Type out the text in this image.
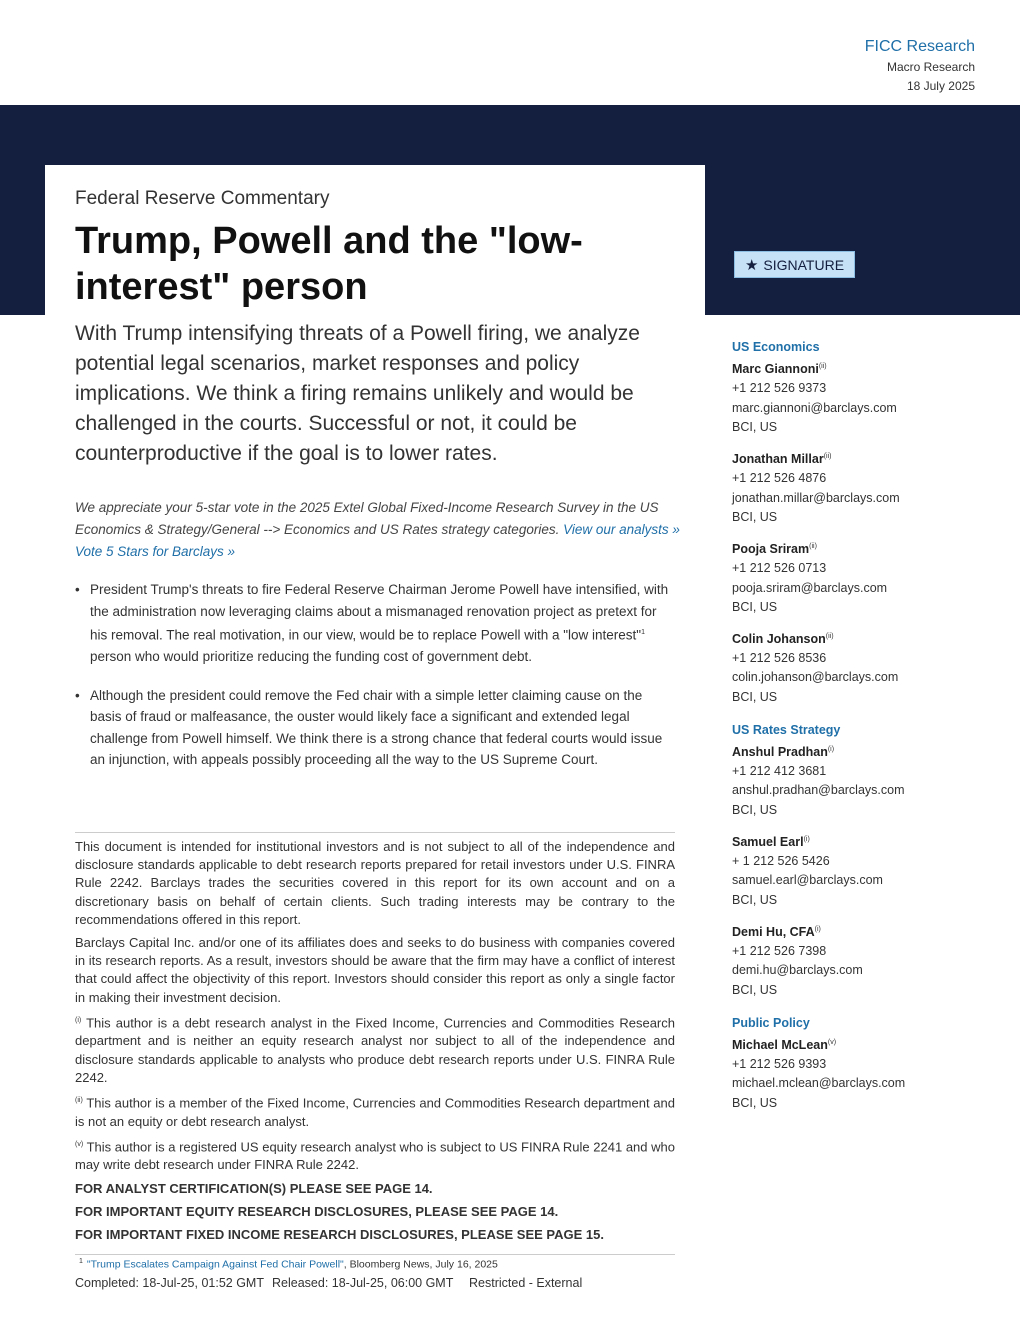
FICC Research
Macro Research
18 July 2025
Federal Reserve Commentary
Trump, Powell and the "low-interest" person
★ SIGNATURE

With Trump intensifying threats of a Powell firing, we analyze potential legal scenarios, market responses and policy implications. We think a firing remains unlikely and would be challenged in the courts. Successful or not, it could be counterproductive if the goal is to lower rates.

We appreciate your 5-star vote in the 2025 Extel Global Fixed-Income Research Survey in the US Economics & Strategy/General --> Economics and US Rates strategy categories. View our analysts » Vote 5 Stars for Barclays »

• President Trump's threats to fire Federal Reserve Chairman Jerome Powell have intensified, with the administration now leveraging claims about a mismanaged renovation project as pretext for his removal. The real motivation, in our view, would be to replace Powell with a "low interest"$^1$ person who would prioritize reducing the funding cost of government debt.
• Although the president could remove the Fed chair with a simple letter claiming cause on the basis of fraud or malfeasance, the ouster would likely face a significant and extended legal challenge from Powell himself. We think there is a strong chance that federal courts would issue an injunction, with appeals possibly proceeding all the way to the US Supreme Court.

This document is intended for institutional investors and is not subject to all of the independence and disclosure standards applicable to debt research reports prepared for retail investors under U.S. FINRA Rule 2242. Barclays trades the securities covered in this report for its own account and on a discretionary basis on behalf of certain clients. Such trading interests may be contrary to the recommendations offered in this report.

Barclays Capital Inc. and/or one of its affiliates does and seeks to do business with companies covered in its research reports. As a result, investors should be aware that the firm may have a conflict of interest that could affect the objectivity of this report. Investors should consider this report as only a single factor in making their investment decision.

$^{(i)}$ This author is a debt research analyst in the Fixed Income, Currencies and Commodities Research department and is neither an equity research analyst nor subject to all of the independence and disclosure standards applicable to analysts who produce debt research reports under U.S. FINRA Rule 2242.

$^{(ii)}$ This author is a member of the Fixed Income, Currencies and Commodities Research department and is not an equity or debt research analyst.

$^{(v)}$ This author is a registered US equity research analyst who is subject to US FINRA Rule 2241 and who may write debt research under FINRA Rule 2242.

FOR ANALYST CERTIFICATION(S) PLEASE SEE PAGE 14.

FOR IMPORTANT EQUITY RESEARCH DISCLOSURES, PLEASE SEE PAGE 14.

FOR IMPORTANT FIXED INCOME RESEARCH DISCLOSURES, PLEASE SEE PAGE 15.

$^1$ "Trump Escalates Campaign Against Fed Chair Powell", Bloomberg News, July 16, 2025
Completed: 18-Jul-25, 01:52 GMT Released: 18-Jul-25, 06:00 GMT	Restricted - External
US Economics
Marc Giannoni$^{(ii)}$
+1 212 526 9373
marc.giannoni@barclays.com
BCI, US
Jonathan Millar$^{(ii)}$
+1 212 526 4876
jonathan.millar@barclays.com
BCI, US
Pooja Sriram$^{(ii)}$
+1 212 526 0713
pooja.sriram@barclays.com
BCI, US
Colin Johanson$^{(ii)}$
+1 212 526 8536
colin.johanson@barclays.com
BCI, US
US Rates Strategy
Anshul Pradhan$^{(i)}$
+1 212 412 3681
anshul.pradhan@barclays.com
BCI, US
Samuel Earl$^{(i)}$
+ 1 212 526 5426
samuel.earl@barclays.com
BCI, US
Demi Hu, $CFA^{(i)}$
+1 212 526 7398
demi.hu@barclays.com
BCI, US
Public Policy
Michael McLean$^{(v)}$
+1 212 526 9393
michael.mclean@barclays.com
BCI, US
